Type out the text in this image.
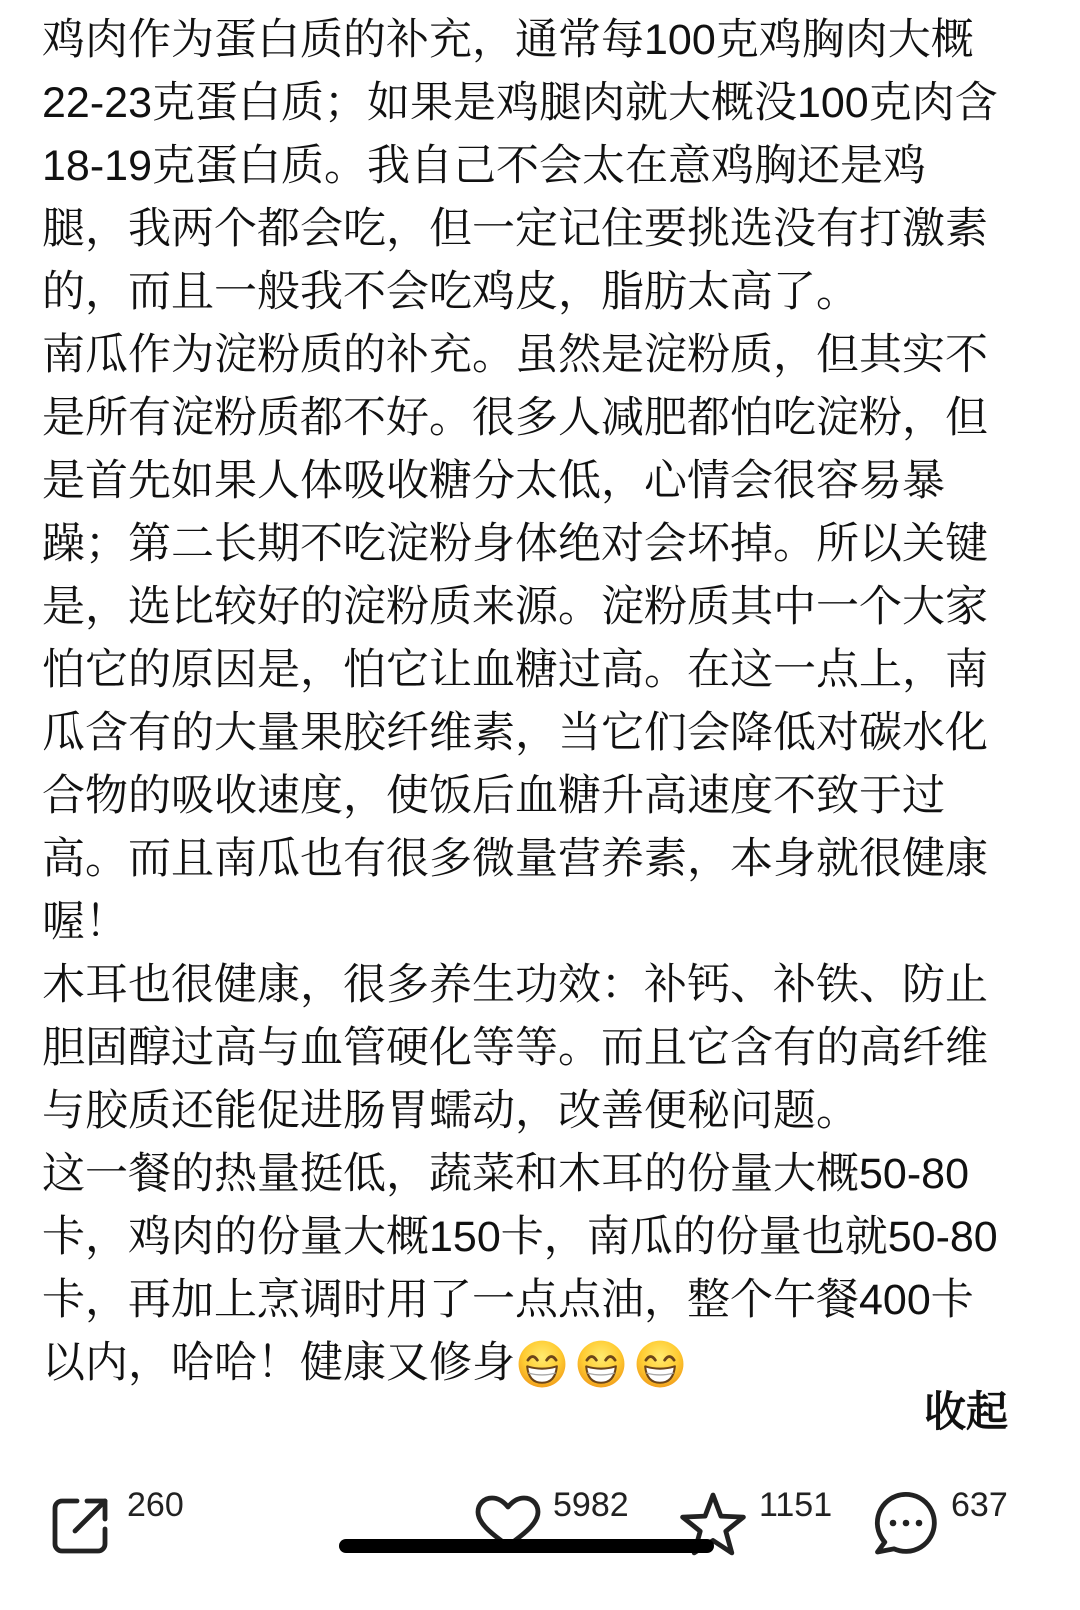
鸡肉作为蛋白质的补充，通常每100克鸡胸肉大概
22-23克蛋白质；如果是鸡腿肉就大概没100克肉含
18-19克蛋白质。我自己不会太在意鸡胸还是鸡
腿，我两个都会吃，但一定记住要挑选没有打激素
的，而且一般我不会吃鸡皮，脂肪太高了。
南瓜作为淀粉质的补充。虽然是淀粉质，但其实不
是所有淀粉质都不好。很多人减肥都怕吃淀粉，但
是首先如果人体吸收糖分太低，心情会很容易暴
躁；第二长期不吃淀粉身体绝对会坏掉。所以关键
是，选比较好的淀粉质来源。淀粉质其中一个大家
怕它的原因是，怕它让血糖过高。在这一点上，南
瓜含有的大量果胶纤维素，当它们会降低对碳水化
合物的吸收速度，使饭后血糖升高速度不致于过
高。而且南瓜也有很多微量营养素，本身就很健康
喔！
木耳也很健康，很多养生功效：补钙、补铁、防止
胆固醇过高与血管硬化等等。而且它含有的高纤维
与胶质还能促进肠胃蠕动，改善便秘问题。
这一餐的热量挺低，蔬菜和木耳的份量大概50-80
卡，鸡肉的份量大概150卡，南瓜的份量也就50-80
卡，再加上烹调时用了一点点油，整个午餐400卡
以内，哈哈！健康又修身
收起
260	5982	1151	637
